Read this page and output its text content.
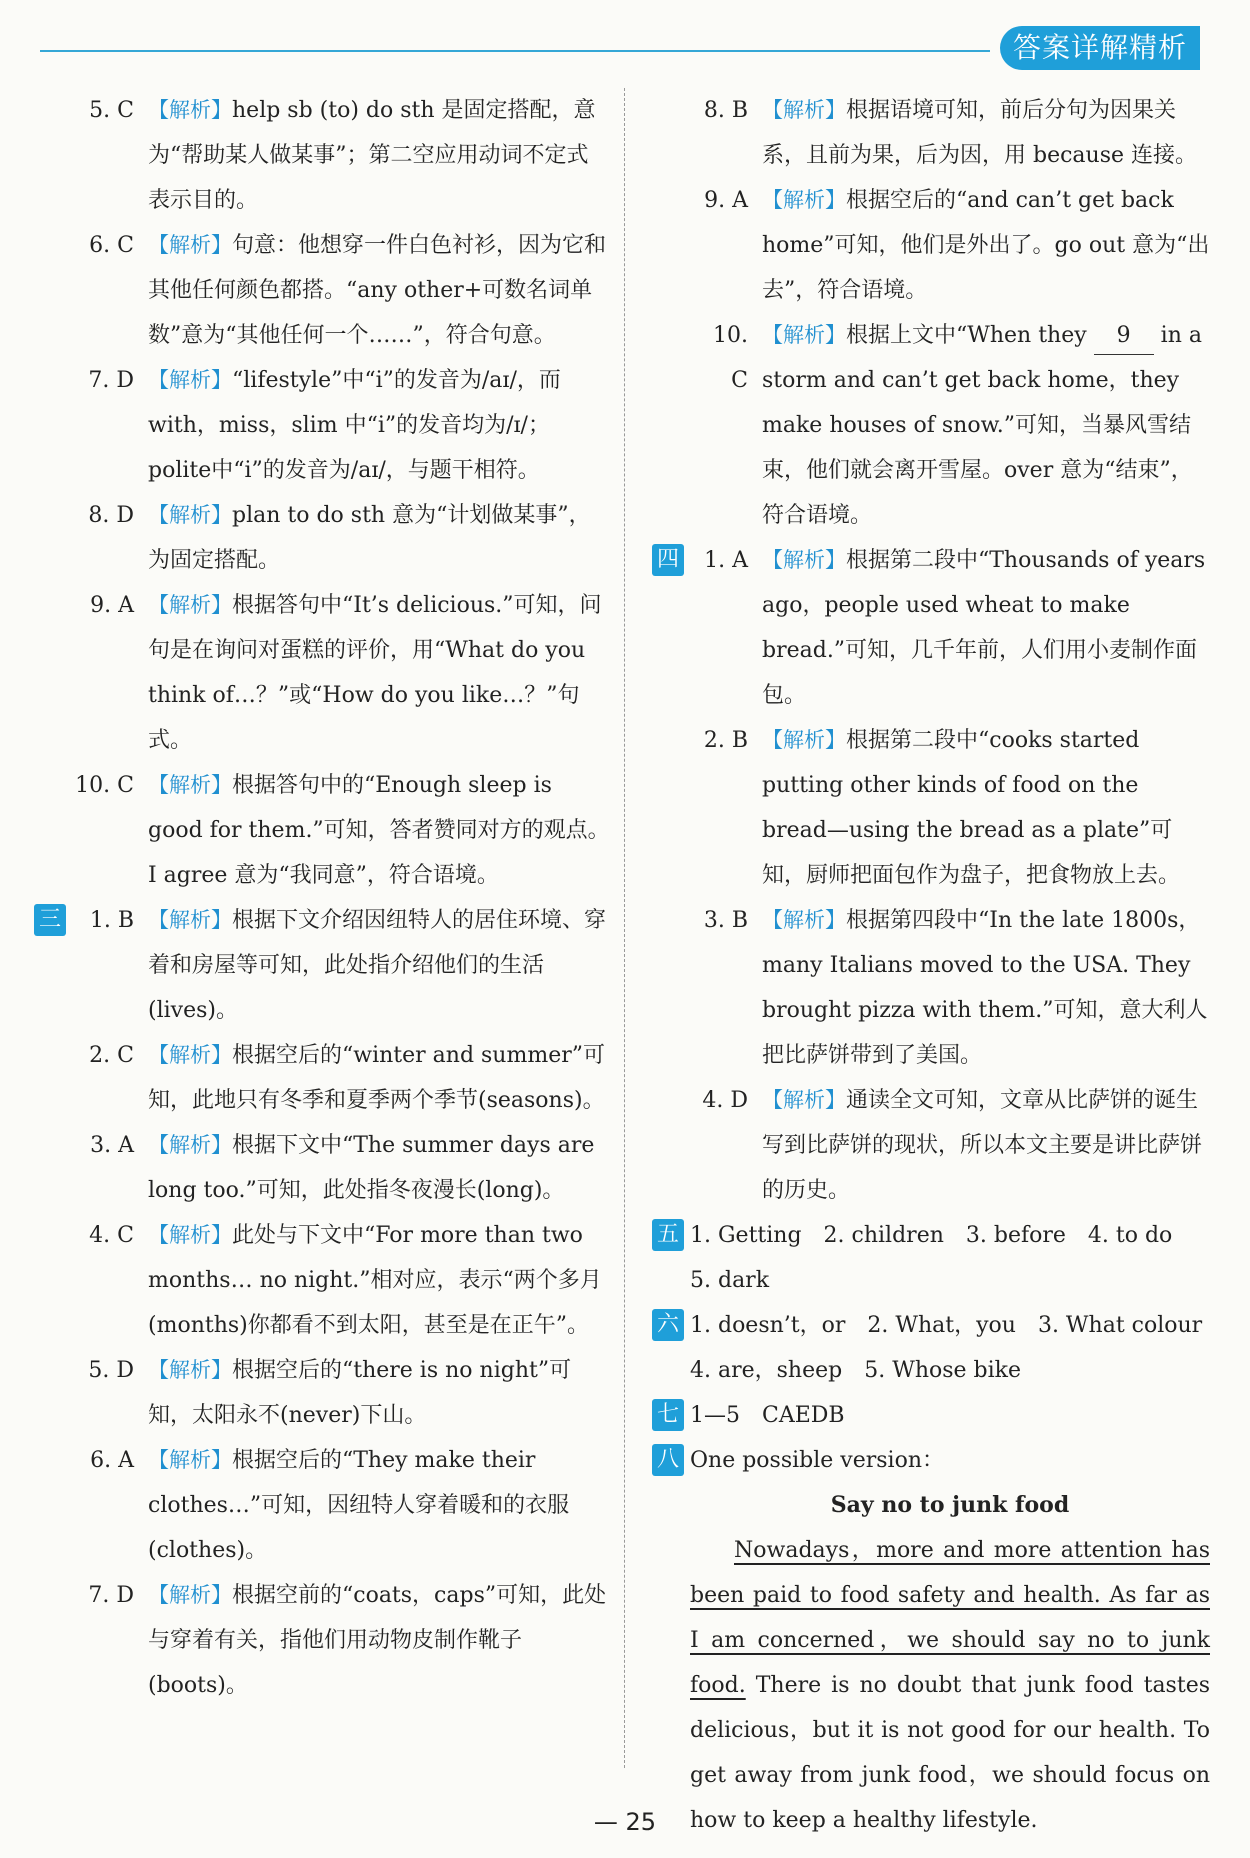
答案详解精析
5. C 【解析】help sb (to) do sth 是固定搭配，意为“帮助某人做某事”；第二空应用动词不定式表示目的。
6. C 【解析】句意：他想穿一件白色衬衫，因为它和其他任何颜色都搭。“any other+可数名词单数”意为“其他任何一个……”，符合句意。
7. D 【解析】“lifestyle”中“i”的发音为/aɪ/，而with，miss，slim 中“i”的发音均为/ɪ/；polite中“i”的发音为/aɪ/，与题干相符。
8. D 【解析】plan to do sth 意为“计划做某事”，为固定搭配。
9. A 【解析】根据答句中“It’s delicious.”可知，问句是在询问对蛋糕的评价，用“What do you think of…？”或“How do you like…？”句式。
10. C 【解析】根据答句中的“Enough sleep is good for them.”可知，答者赞同对方的观点。I agree 意为“我同意”，符合语境。
三	1. B 【解析】根据下文介绍因纽特人的居住环境、穿着和房屋等可知，此处指介绍他们的生活(lives)。
2. C 【解析】根据空后的“winter and summer”可知，此地只有冬季和夏季两个季节(seasons)。
3. A 【解析】根据下文中“The summer days are long too.”可知，此处指冬夜漫长(long)。
4. C 【解析】此处与下文中“For more than two months… no night.”相对应，表示“两个多月(months)你都看不到太阳，甚至是在正午”。
5. D 【解析】根据空后的“there is no night”可知，太阳永不(never)下山。
6. A 【解析】根据空后的“They make their clothes…”可知，因纽特人穿着暖和的衣服(clothes)。
7. D 【解析】根据空前的“coats，caps”可知，此处与穿着有关，指他们用动物皮制作靴子(boots)。
8. B 【解析】根据语境可知，前后分句为因果关系，且前为果，后为因，用 because 连接。
9. A 【解析】根据空后的“and can’t get back home”可知，他们是外出了。go out 意为“出去”，符合语境。
10. C
【解析】根据上文中“When they 9 in a storm and can’t get back home，they make houses of snow.”可知，当暴风雪结束，他们就会离开雪屋。over 意为“结束”，符合语境。
四	1. A 【解析】根据第二段中“Thousands of years ago，people used wheat to make bread.”可知，几千年前，人们用小麦制作面包。
2. B 【解析】根据第二段中“cooks started putting other kinds of food on the bread—using the bread as a plate”可知，厨师把面包作为盘子，把食物放上去。
3. B 【解析】根据第四段中“In the late 1800s，many Italians moved to the USA. They brought pizza with them.”可知，意大利人把比萨饼带到了美国。
4. D 【解析】通读全文可知，文章从比萨饼的诞生写到比萨饼的现状，所以本文主要是讲比萨饼的历史。
五 1. Getting　2. children　3. before　4. to do
5. dark
六 1. doesn’t，or　2. What，you　3. What colour
4. are，sheep　5. Whose bike
七 1—5　CAEDB
八 One possible version：
Say no to junk food
Nowadays，more and more attention has been paid to food safety and health. As far as I am concerned，we should say no to junk food. There is no doubt that junk food tastes delicious，but it is not good for our health. To get away from junk food，we should focus on how to keep a healthy lifestyle.
— 25
